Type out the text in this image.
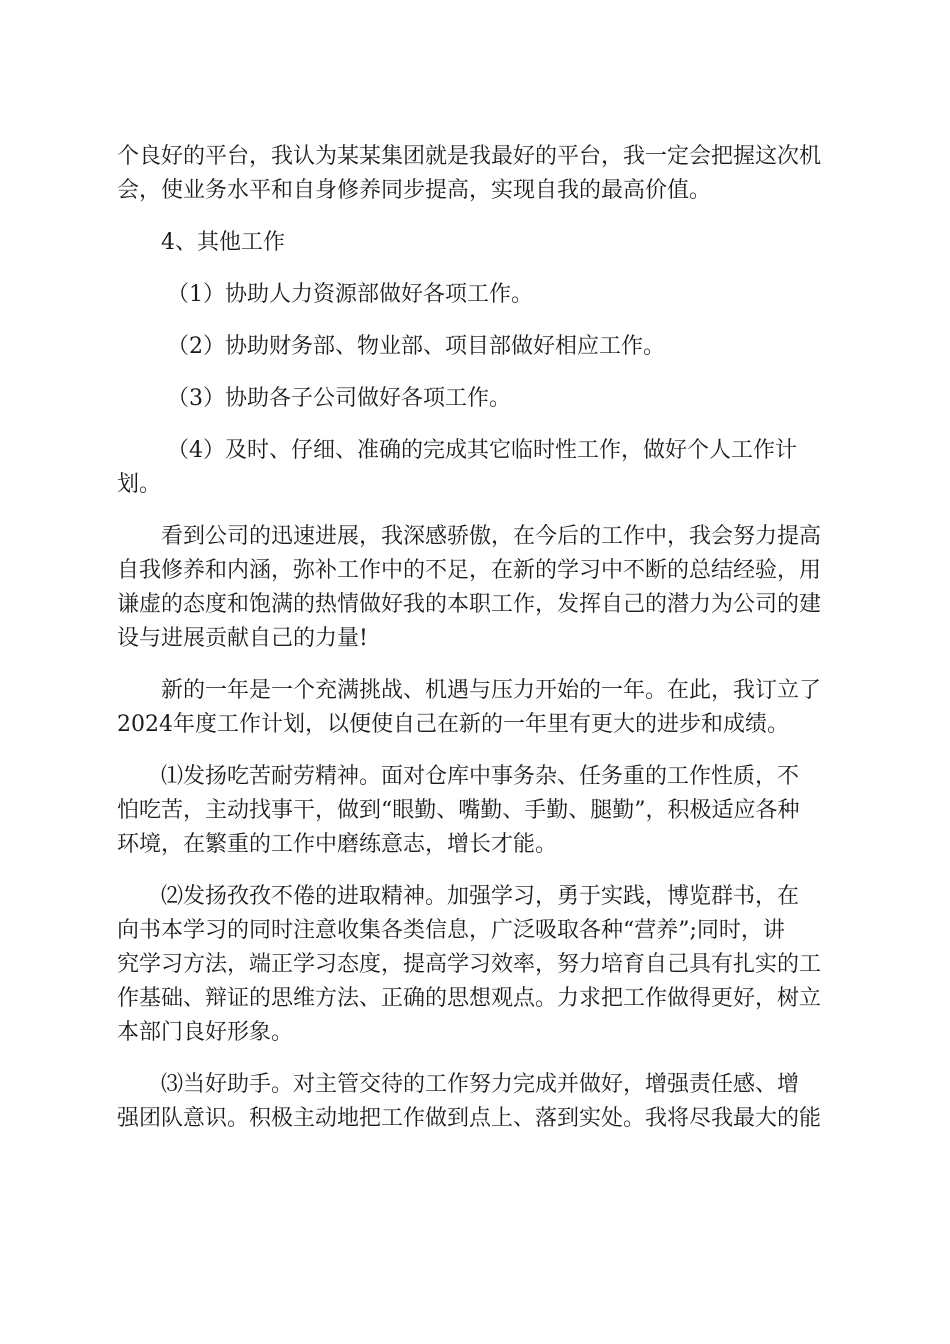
个良好的平台，我认为某某集团就是我最好的平台，我一定会把握这次机

会，使业务水平和自身修养同步提高，实现自我的最高价值。

4、其他工作

（1）协助人力资源部做好各项工作。

（2）协助财务部、物业部、项目部做好相应工作。

（3）协助各子公司做好各项工作。

（4）及时、仔细、准确的完成其它临时性工作，做好个人工作计

划。

看到公司的迅速进展，我深感骄傲，在今后的工作中，我会努力提高

自我修养和内涵，弥补工作中的不足，在新的学习中不断的总结经验，用

谦虚的态度和饱满的热情做好我的本职工作，发挥自己的潜力为公司的建

设与进展贡献自己的力量!

新的一年是一个充满挑战、机遇与压力开始的一年。在此，我订立了

2024年度工作计划，以便使自己在新的一年里有更大的进步和成绩。

⑴发扬吃苦耐劳精神。面对仓库中事务杂、任务重的工作性质，不

怕吃苦，主动找事干，做到“眼勤、嘴勤、手勤、腿勤”，积极适应各种

环境，在繁重的工作中磨练意志，增长才能。

⑵发扬孜孜不倦的进取精神。加强学习，勇于实践，博览群书，在

向书本学习的同时注意收集各类信息，广泛吸取各种“营养”;同时，讲

究学习方法，端正学习态度，提高学习效率，努力培育自己具有扎实的工

作基础、辩证的思维方法、正确的思想观点。力求把工作做得更好，树立

本部门良好形象。

⑶当好助手。对主管交待的工作努力完成并做好，增强责任感、增

强团队意识。积极主动地把工作做到点上、落到实处。我将尽我最大的能
